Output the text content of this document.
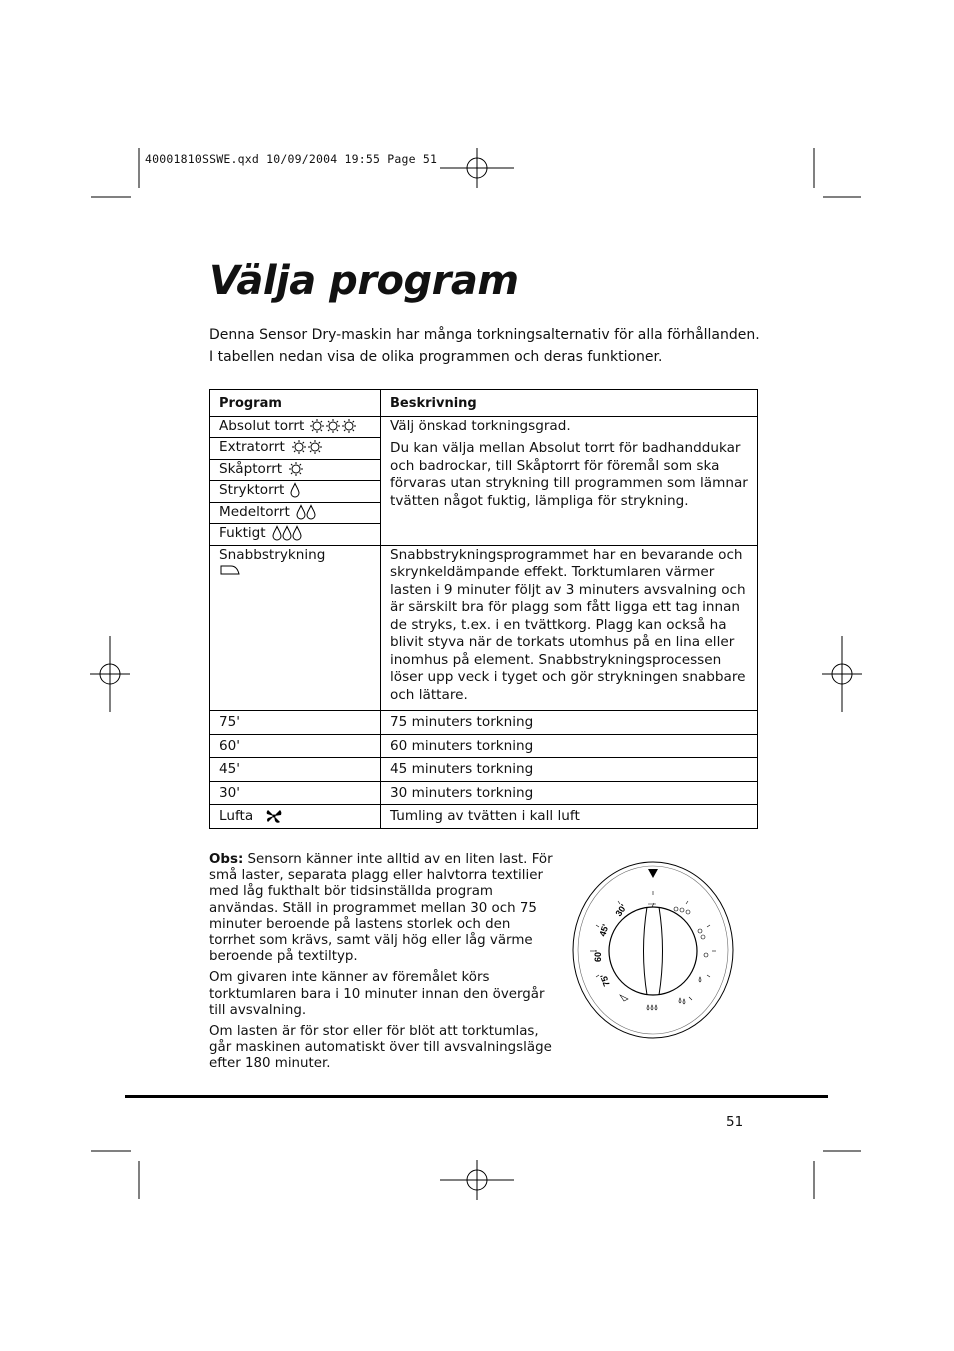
40001810SSWE.qxd 10/09/2004 19:55 Page 51
Välja program
Denna Sensor Dry-maskin har många torkningsalternativ för alla förhållanden.
I tabellen nedan visa de olika programmen och deras funktioner.
Program	Beskrivning
Absolut torrt	Välj önskad torkningsgrad.

Du kan välja mellan Absolut torrt för badhanddukar och badrockar, till Skåptorrt för föremål som ska förvaras utan strykning till programmen som lämnar tvätten något fuktig, lämpliga för strykning.

Extratorrt	
Skåptorrt	
Stryktorrt	
Medeltorrt	
Fuktigt	
Snabbstrykning	Snabbstrykningsprogrammet har en bevarande och skrynkeldämpande effekt. Torktumlaren värmer lasten i 9 minuter följt av 3 minuters avsvalning och är särskilt bra för plagg som fått ligga ett tag innan de stryks, t.ex. i en tvättkorg. Plagg kan också ha blivit styva när de torkats utomhus på en lina eller inomhus på element. Snabbstrykningsprocessen löser upp veck i tyget och gör strykningen snabbare och lättare.
75'	75 minuters torkning
60'	60 minuters torkning
45'	45 minuters torkning
30'	30 minuters torkning
Lufta	Tumling av tvätten i kall luft

Obs: Sensorn känner inte alltid av en liten last. För små laster, separata plagg eller halvtorra textilier med låg fukthalt bör tidsinställda program användas. Ställ in programmet mellan 30 och 75 minuter beroende på lastens storlek och den torrhet som krävs, samt välj hög eller låg värme beroende på textiltyp.

Om givaren inte känner av föremålet körs torktumlaren bara i 10 minuter innan den övergår till avsvalning.

Om lasten är för stor eller för blöt att torktumlas, går maskinen automatiskt över till avsvalningsläge efter 180 minuter.

30'
45'
60'
75'
51
